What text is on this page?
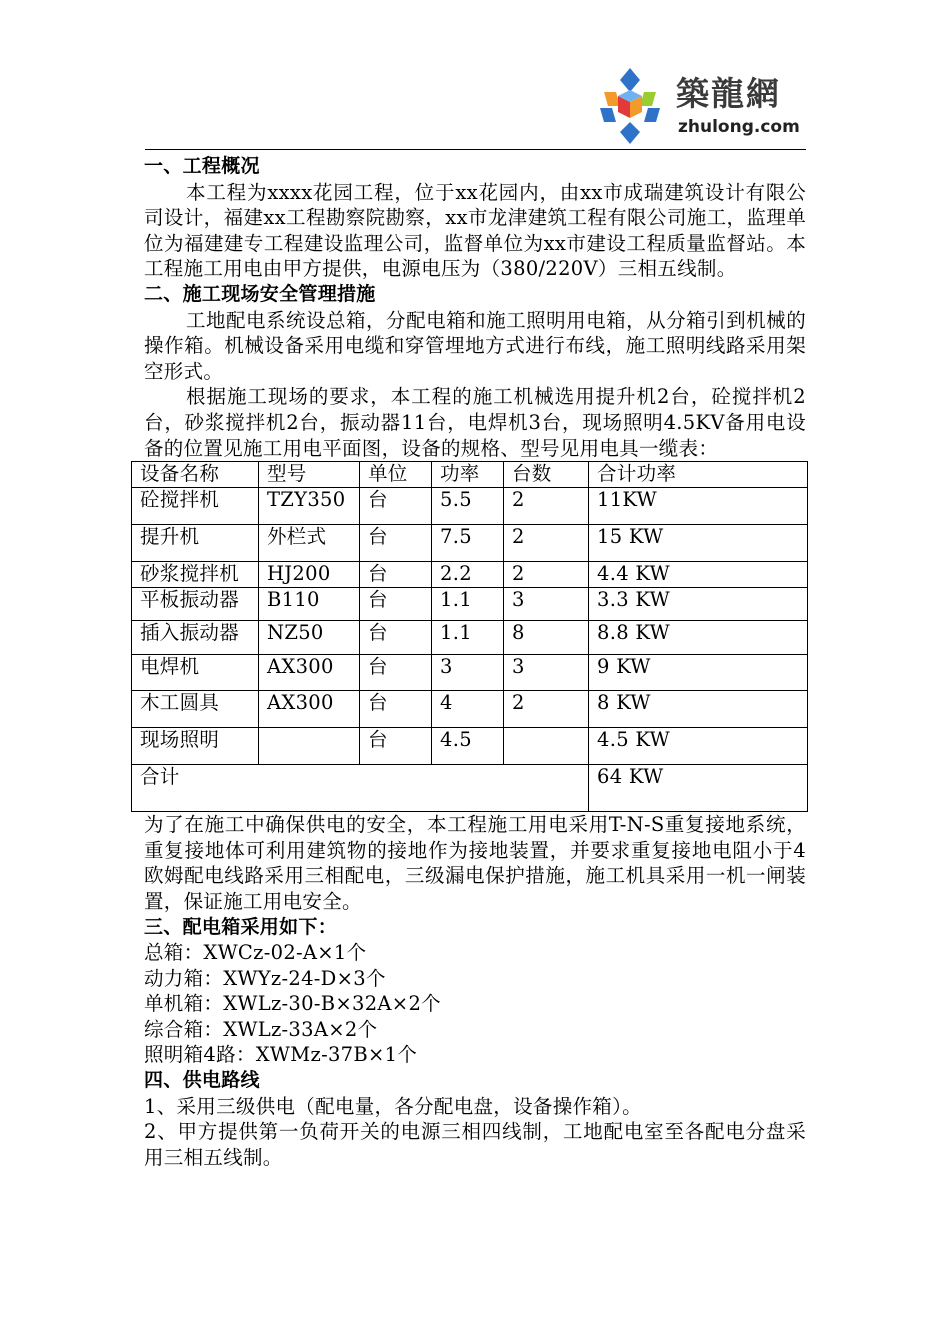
築龍網
zhulong.com

一、工程概况

本工程为xxxx花园工程，位于xx花园内，由xx市成瑞建筑设计有限公司设计，福建xx工程勘察院勘察，xx市龙津建筑工程有限公司施工，监理单位为福建建专工程建设监理公司，监督单位为xx市建设工程质量监督站。本工程施工用电由甲方提供，电源电压为（380/220V）三相五线制。

二、施工现场安全管理措施

工地配电系统设总箱，分配电箱和施工照明用电箱，从分箱引到机械的操作箱。机械设备采用电缆和穿管埋地方式进行布线，施工照明线路采用架空形式。

根据施工现场的要求，本工程的施工机械选用提升机2台，砼搅拌机2台，砂浆搅拌机2台，振动器11台，电焊机3台，现场照明4.5KV备用电设备的位置见施工用电平面图，设备的规格、型号见用电具一缆表：

设备名称	型号	单位	功率	台数	合计功率
砼搅拌机	TZY350	台	5.5	2	11KW
提升机	外栏式	台	7.5	2	15 KW
砂浆搅拌机	HJ200	台	2.2	2	4.4 KW
平板振动器	B110	台	1.1	3	3.3 KW
插入振动器	NZ50	台	1.1	8	8.8 KW
电焊机	AX300	台	3	3	9 KW
木工圆具	AX300	台	4	2	8 KW
现场照明		台	4.5		4.5 KW
合计					64 KW

为了在施工中确保供电的安全，本工程施工用电采用T-N-S重复接地系统，重复接地体可利用建筑物的接地作为接地装置，并要求重复接地电阻小于4欧姆配电线路采用三相配电，三级漏电保护措施，施工机具采用一机一闸装置，保证施工用电安全。

三、配电箱采用如下：

总箱：XWCz-02-A×1个

动力箱：XWYz-24-D×3个

单机箱：XWLz-30-B×32A×2个

综合箱：XWLz-33A×2个

照明箱4路：XWMz-37B×1个

四、供电路线

1、采用三级供电（配电量，各分配电盘，设备操作箱）。

2、甲方提供第一负荷开关的电源三相四线制，工地配电室至各配电分盘采用三相五线制。
